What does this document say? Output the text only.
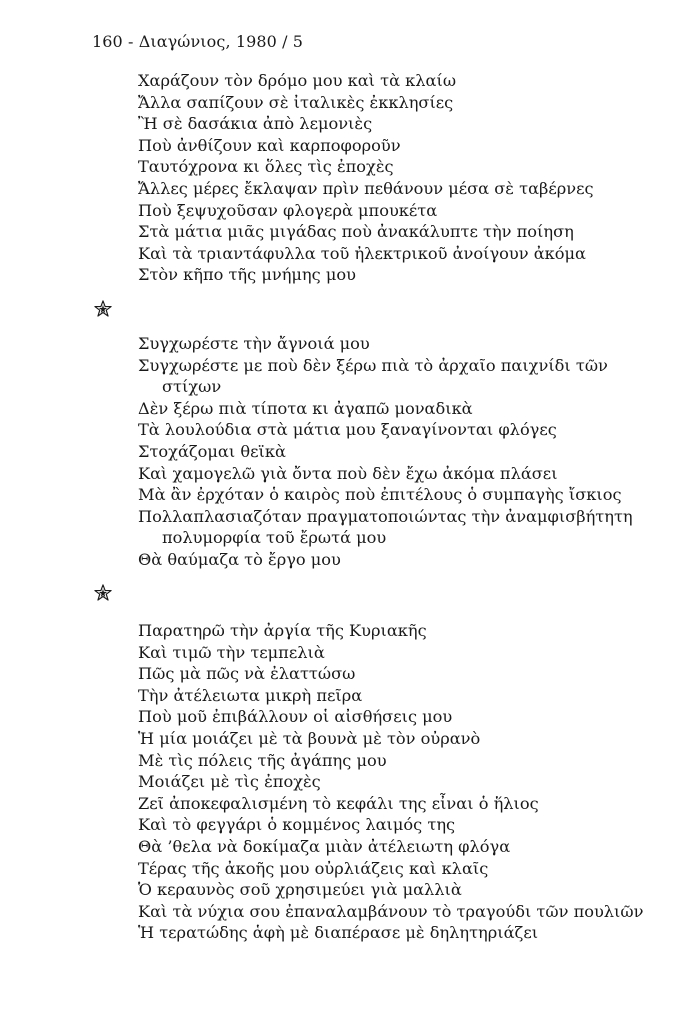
160 - Διαγώνιος, 1980 / 5
Χαράζουν τὸν δρόμο μου καὶ τὰ κλαίω
Ἄλλα σαπίζουν σὲ ἰταλικὲς ἐκκλησίες
Ἢ σὲ δασάκια ἀπὸ λεμονιὲς
Ποὺ ἀνθίζουν καὶ καρποφοροῦν
Ταυτόχρονα κι ὅλες τὶς ἐποχὲς
Ἄλλες μέρες ἔκλαψαν πρὶν πεθάνουν μέσα σὲ ταβέρνες
Ποὺ ξεψυχοῦσαν φλογερὰ μπουκέτα
Στὰ μάτια μιᾶς μιγάδας ποὺ ἀνακάλυπτε τὴν ποίηση
Καὶ τὰ τριαντάφυλλα τοῦ ἠλεκτρικοῦ ἀνοίγουν ἀκόμα
Στὸν κῆπο τῆς μνήμης μου
Συγχωρέστε τὴν ἄγνοιά μου
Συγχωρέστε με ποὺ δὲν ξέρω πιὰ τὸ ἀρχαῖο παιχνίδι τῶν
στίχων
Δὲν ξέρω πιὰ τίποτα κι ἀγαπῶ μοναδικὰ
Τὰ λουλούδια στὰ μάτια μου ξαναγίνονται φλόγες
Στοχάζομαι θεϊκὰ
Καὶ χαμογελῶ γιὰ ὄντα ποὺ δὲν ἔχω ἀκόμα πλάσει
Μὰ ἂν ἐρχόταν ὁ καιρὸς ποὺ ἐπιτέλους ὁ συμπαγὴς ἴσκιος
Πολλαπλασιαζόταν πραγματοποιώντας τὴν ἀναμφισβήτητη
πολυμορφία τοῦ ἔρωτά μου
Θὰ θαύμαζα τὸ ἔργο μου
Παρατηρῶ τὴν ἀργία τῆς Κυριακῆς
Καὶ τιμῶ τὴν τεμπελιὰ
Πῶς μὰ πῶς νὰ ἐλαττώσω
Τὴν ἀτέλειωτα μικρὴ πεῖρα
Ποὺ μοῦ ἐπιβάλλουν οἱ αἰσθήσεις μου
Ἡ μία μοιάζει μὲ τὰ βουνὰ μὲ τὸν οὐρανὸ
Μὲ τὶς πόλεις τῆς ἀγάπης μου
Μοιάζει μὲ τὶς ἐποχὲς
Ζεῖ ἀποκεφαλισμένη τὸ κεφάλι της εἶναι ὁ ἥλιος
Καὶ τὸ φεγγάρι ὁ κομμένος λαιμός της
Θὰ ’θελα νὰ δοκίμαζα μιὰν ἀτέλειωτη φλόγα
Τέρας τῆς ἀκοῆς μου οὐρλιάζεις καὶ κλαῖς
Ὁ κεραυνὸς σοῦ χρησιμεύει γιὰ μαλλιὰ
Καὶ τὰ νύχια σου ἐπαναλαμβάνουν τὸ τραγούδι τῶν πουλιῶν
Ἡ τερατώδης ἁφὴ μὲ διαπέρασε μὲ δηλητηριάζει
